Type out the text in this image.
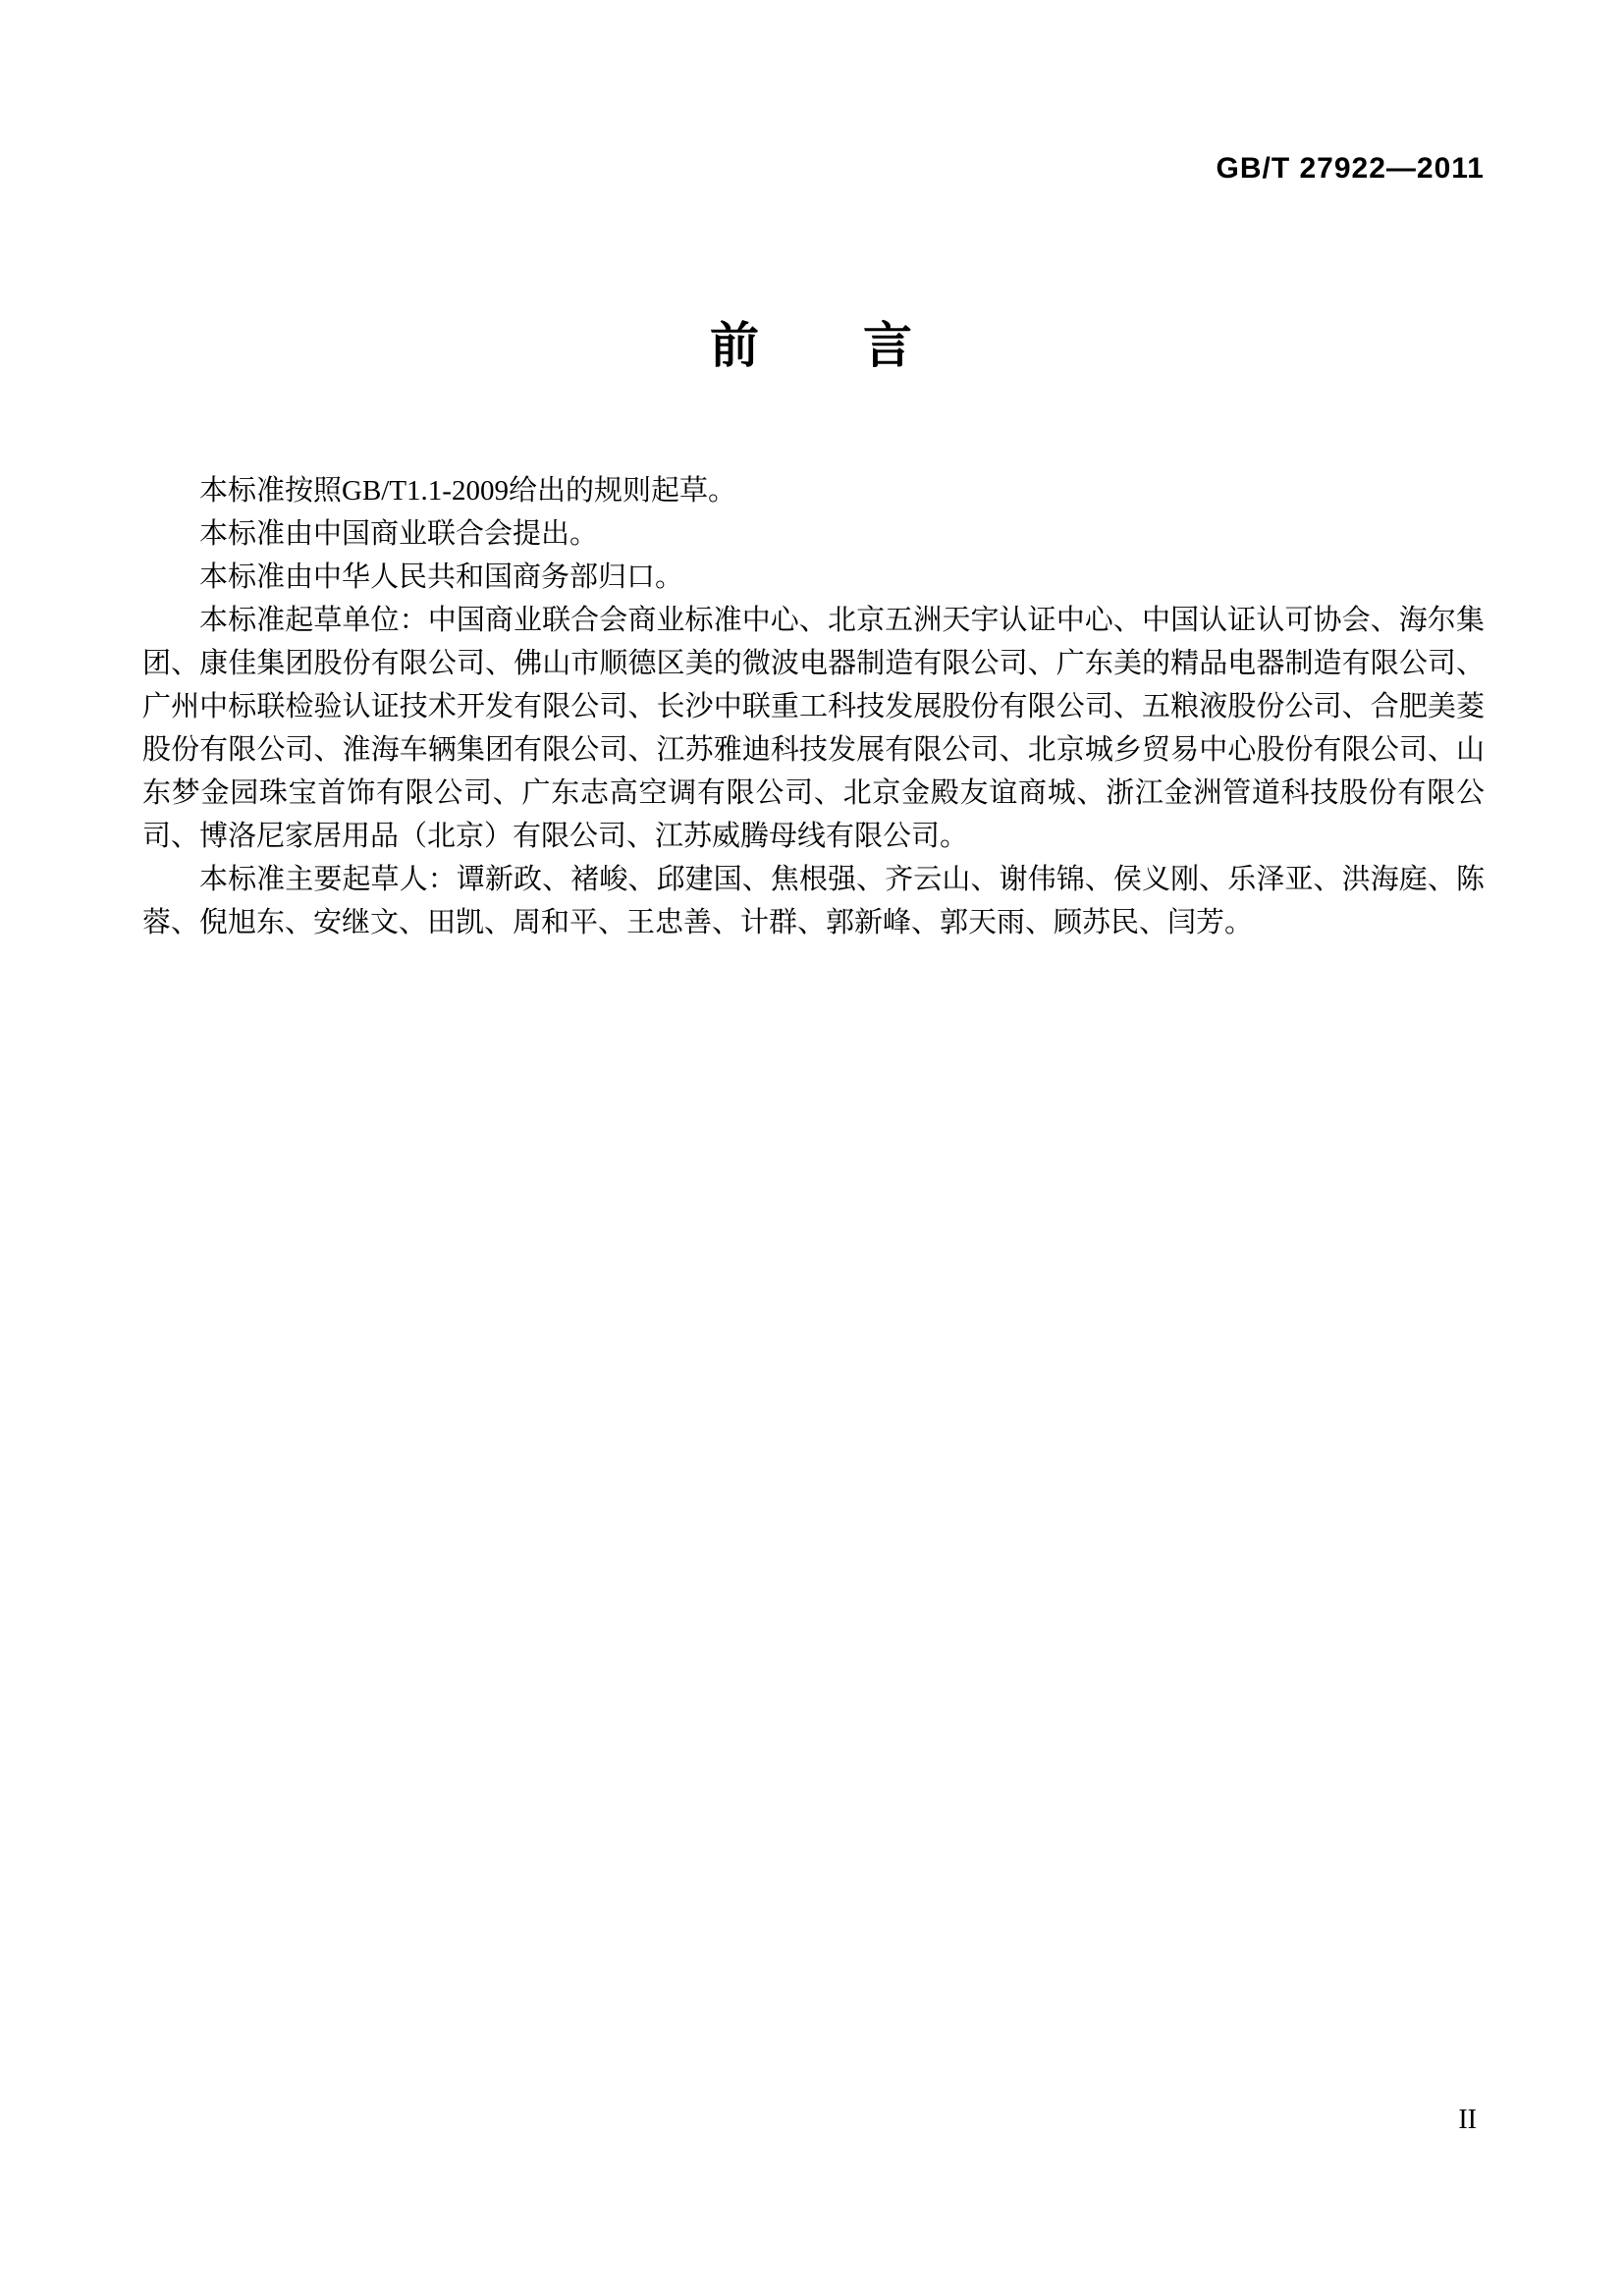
GB/T 27922—2011
前　　言

本标准按照GB/T1.1-2009给出的规则起草。

本标准由中国商业联合会提出。

本标准由中华人民共和国商务部归口。

本标准起草单位：中国商业联合会商业标准中心、北京五洲天宇认证中心、中国认证认可协会、海尔集团、康佳集团股份有限公司、佛山市顺德区美的微波电器制造有限公司、广东美的精品电器制造有限公司、广州中标联检验认证技术开发有限公司、长沙中联重工科技发展股份有限公司、五粮液股份公司、合肥美菱股份有限公司、淮海车辆集团有限公司、江苏雅迪科技发展有限公司、北京城乡贸易中心股份有限公司、山东梦金园珠宝首饰有限公司、广东志高空调有限公司、北京金殿友谊商城、浙江金洲管道科技股份有限公司、博洛尼家居用品（北京）有限公司、江苏威腾母线有限公司。

本标准主要起草人：谭新政、褚峻、邱建国、焦根强、齐云山、谢伟锦、侯义刚、乐泽亚、洪海庭、陈蓉、倪旭东、安继文、田凯、周和平、王忠善、计群、郭新峰、郭天雨、顾苏民、闫芳。

II
